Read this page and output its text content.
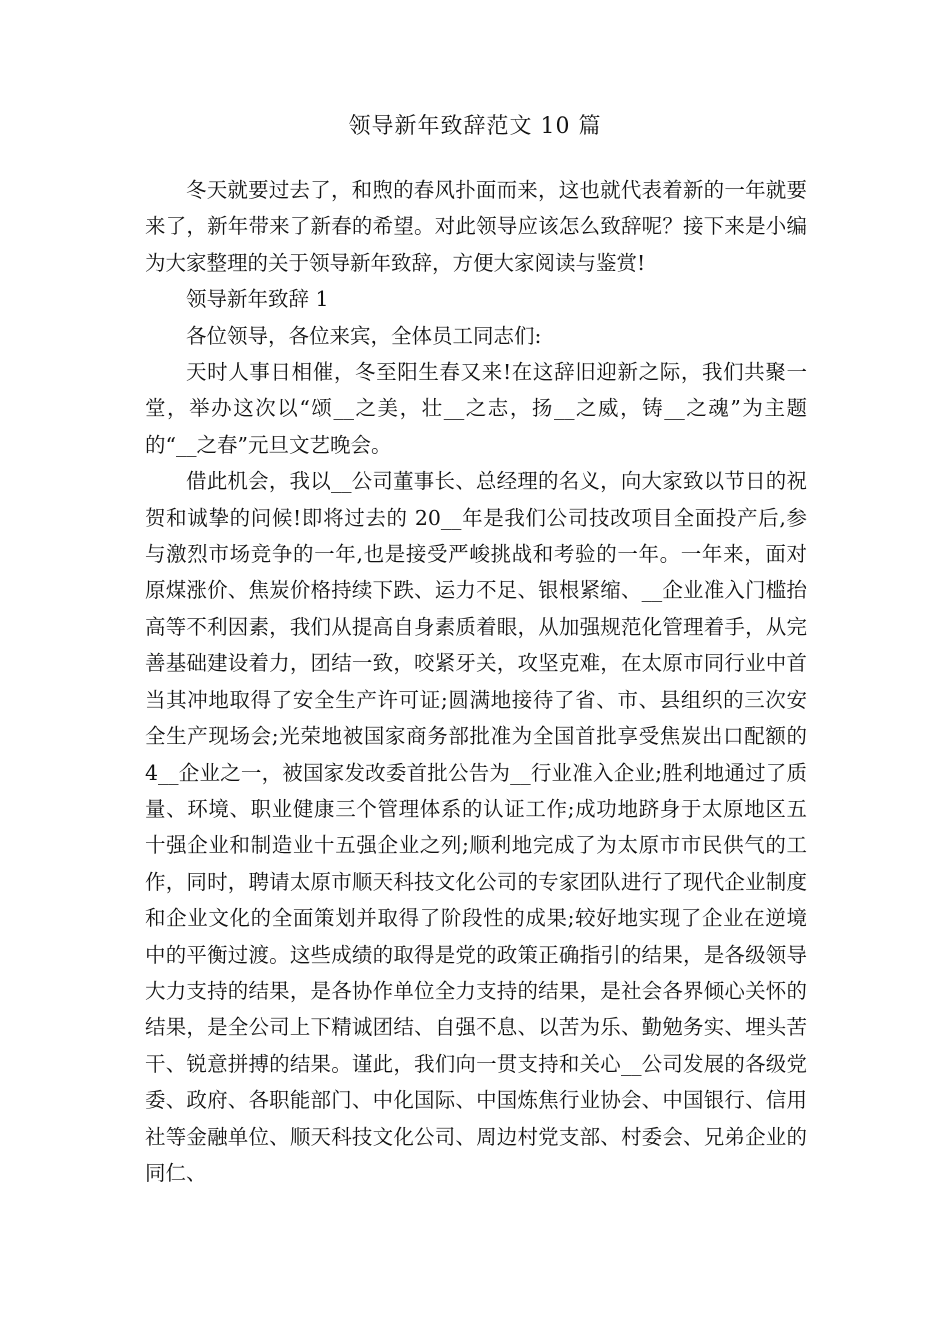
领导新年致辞范文 10 篇

冬天就要过去了，和煦的春风扑面而来，这也就代表着新的一年就要来了，新年带来了新春的希望。对此领导应该怎么致辞呢？接下来是小编为大家整理的关于领导新年致辞，方便大家阅读与鉴赏!

领导新年致辞 1

各位领导，各位来宾，全体员工同志们:

天时人事日相催，冬至阳生春又来!在这辞旧迎新之际，我们共聚一堂，举办这次以“颂__之美，壮__之志，扬__之威，铸__之魂”为主题的“__之春”元旦文艺晚会。

借此机会，我以__公司董事长、总经理的名义，向大家致以节日的祝贺和诚挚的问候!即将过去的 20__年是我们公司技改项目全面投产后,参与激烈市场竞争的一年,也是接受严峻挑战和考验的一年。一年来，面对原煤涨价、焦炭价格持续下跌、运力不足、银根紧缩、__企业准入门槛抬高等不利因素，我们从提高自身素质着眼，从加强规范化管理着手，从完善基础建设着力，团结一致，咬紧牙关，攻坚克难，在太原市同行业中首当其冲地取得了安全生产许可证;圆满地接待了省、市、县组织的三次安全生产现场会;光荣地被国家商务部批准为全国首批享受焦炭出口配额的 4__企业之一，被国家发改委首批公告为__行业准入企业;胜利地通过了质量、环境、职业健康三个管理体系的认证工作;成功地跻身于太原地区五十强企业和制造业十五强企业之列;顺利地完成了为太原市市民供气的工作，同时，聘请太原市顺天科技文化公司的专家团队进行了现代企业制度和企业文化的全面策划并取得了阶段性的成果;较好地实现了企业在逆境中的平衡过渡。这些成绩的取得是党的政策正确指引的结果，是各级领导大力支持的结果，是各协作单位全力支持的结果，是社会各界倾心关怀的结果，是全公司上下精诚团结、自强不息、以苦为乐、勤勉务实、埋头苦干、锐意拼搏的结果。谨此，我们向一贯支持和关心__公司发展的各级党委、政府、各职能部门、中化国际、中国炼焦行业协会、中国银行、信用社等金融单位、顺天科技文化公司、周边村党支部、村委会、兄弟企业的同仁、
